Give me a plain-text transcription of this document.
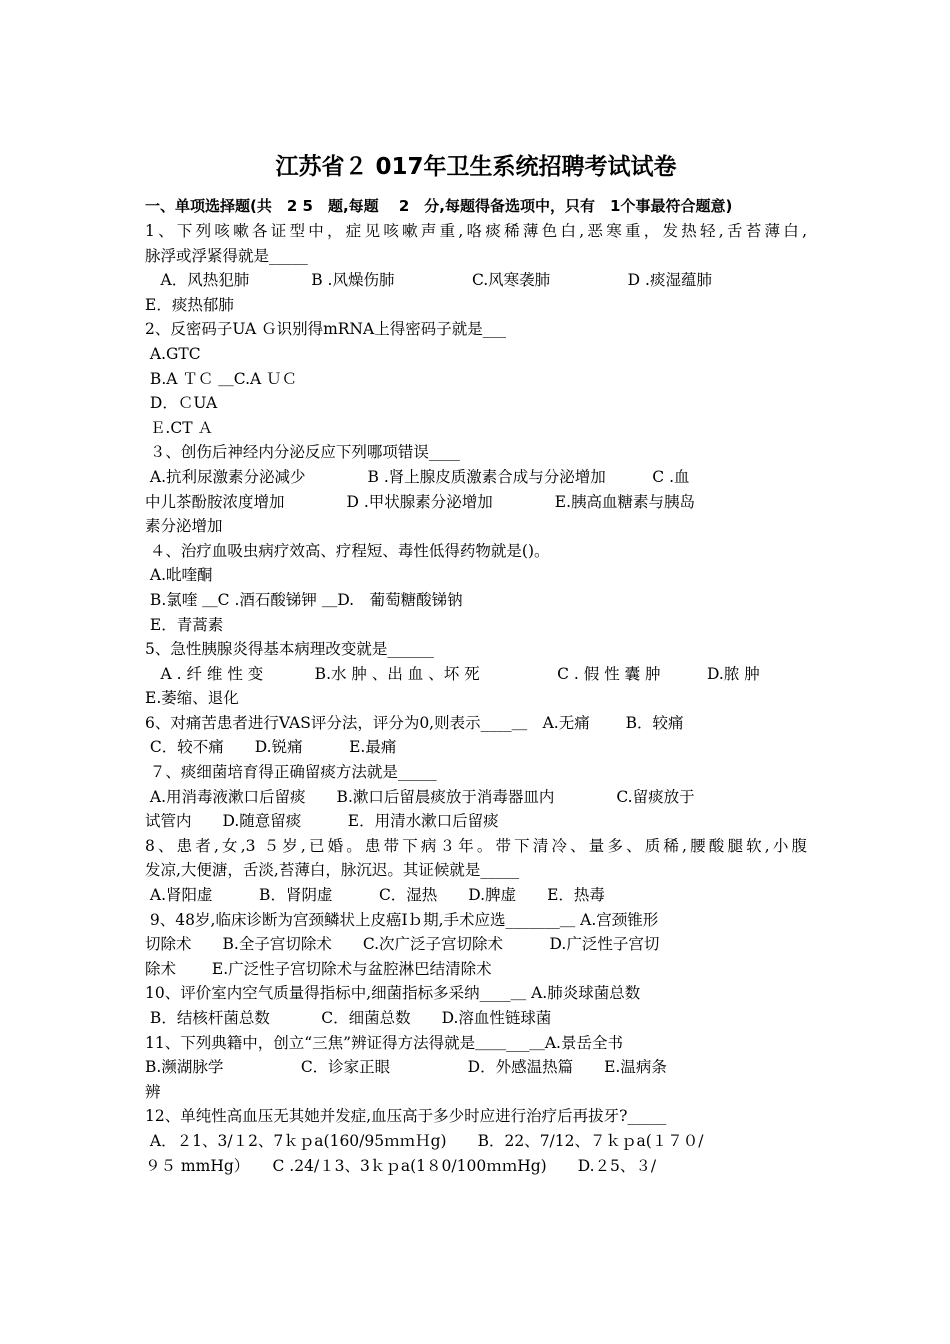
江苏省２ 017年卫生系统招聘考试试卷

一、单项选择题(共　2 5　题,每题　 2　分,每题得备选项中，只有　1个事最符合题意)

1、下列咳嗽各证型中，症见咳嗽声重,咯痰稀薄色白,恶寒重，发热轻,舌苔薄白,

脉浮或浮紧得就是_____

　A．风热犯肺　　　　B .风燥伤肺　　　　　C.风寒袭肺　　　　　D .痰湿蕴肺

E．痰热郁肺

2、反密码子UA Ｇ识别得mRNA上得密码子就是___

A.GTC

B.A ＴＣ ＿C.A ＵＣ

D．ＣUA

Ｅ.CT Ａ

３、创伤后神经内分泌反应下列哪项错误____

A.抗利尿激素分泌减少　　　　B .肾上腺皮质激素合成与分泌增加　　　C .血

中儿茶酚胺浓度增加　　　　D .甲状腺素分泌增加　　　　E.胰高血糖素与胰岛

素分泌增加

４、治疗血吸虫病疗效高、疗程短、毒性低得药物就是()。

A.吡喹酮

B.氯喹 ＿C .酒石酸锑钾 ＿D.　葡萄糖酸锑钠

E．青蒿素

5、急性胰腺炎得基本病理改变就是______

　A . 纤 维 性 变　　　 B.水 肿 、出 血 、坏 死　　　　　C . 假 性 囊 肿　　　D.脓 肿

E.萎缩、退化

6、对痛苦患者进行VAS评分法，评分为0,则表示____＿　A.无痛　　 B．较痛

C．较不痛　　D.锐痛　　　E.最痛

７、痰细菌培育得正确留痰方法就是_____

A.用消毒液漱口后留痰　　B.漱口后留晨痰放于消毒器皿内　　　　C.留痰放于

试管内　　D.随意留痰　　　E．用清水漱口后留痰

8、患者,女,3 ５岁,已婚。患带下病３年。带下清冷、量多、质稀,腰酸腿软,小腹

发凉,大便溏，舌淡,苔薄白，脉沉迟。其证候就是_____

A.肾阳虚　　　B．肾阴虚　　　C．湿热　　D.脾虚　　E．热毒

9、48岁,临床诊断为宫颈鳞状上皮癌Ⅰｂ期,手术应选_______＿ A.宫颈锥形

切除术　　B.全子宫切除术　　C.次广泛子宫切除术　　　D.广泛性子宫切

除术　　 E.广泛性子宫切除术与盆腔淋巴结清除术

10、评价室内空气质量得指标中,细菌指标多采纳____＿ A.肺炎球菌总数

B．结核杆菌总数　　　 C．细菌总数　　D.溶血性链球菌

11、下列典籍中，创立“三焦”辨证得方法得就是＿＿___＿A.景岳全书

B.濒湖脉学　　　　　C．诊家正眼　　　　　D．外感温热篇　　E.温病条

辨

12、单纯性高血压无其她并发症,血压高于多少时应进行治疗后再拔牙?_____

A．２1、3/１2、7ｋｐa(160/95ｍｍＨg)　　B．22、7/12、７ｋｐa(１７０/

９５ mmHg）　　C .24/１3、3ｋｐa(1８0/100ｍｍHg)　　D.２5、３/
